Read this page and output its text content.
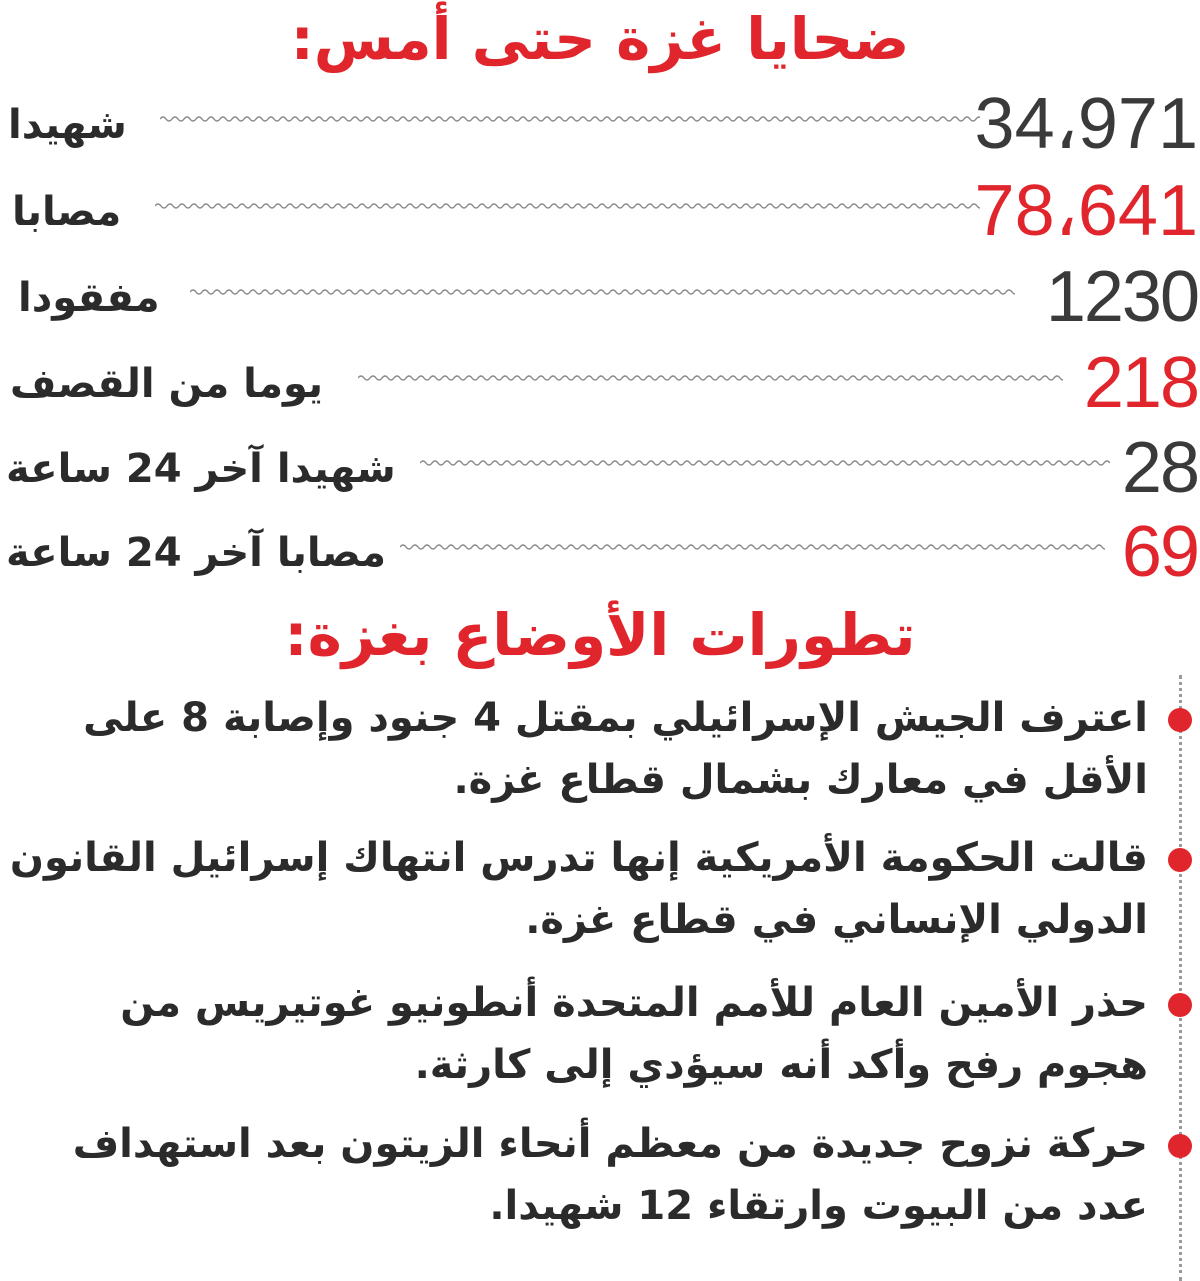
ضحايا غزة حتى أمس:
34،971
شهيدا
78،641
مصابا
1230
مفقودا
218
يوما من القصف
28
شهيدا آخر 24 ساعة
69
مصابا آخر 24 ساعة
تطورات الأوضاع بغزة:
اعترف الجيش الإسرائيلي بمقتل 4 جنود وإصابة 8 على الأقل في معارك بشمال قطاع غزة.
قالت الحكومة الأمريكية إنها تدرس انتهاك إسرائيل القانون الدولي الإنساني في قطاع غزة.
حذر الأمين العام للأمم المتحدة أنطونيو غوتيريس من هجوم رفح وأكد أنه سيؤدي إلى كارثة.
حركة نزوح جديدة من معظم أنحاء الزيتون بعد استهداف عدد من البيوت وارتقاء 12 شهيدا.
